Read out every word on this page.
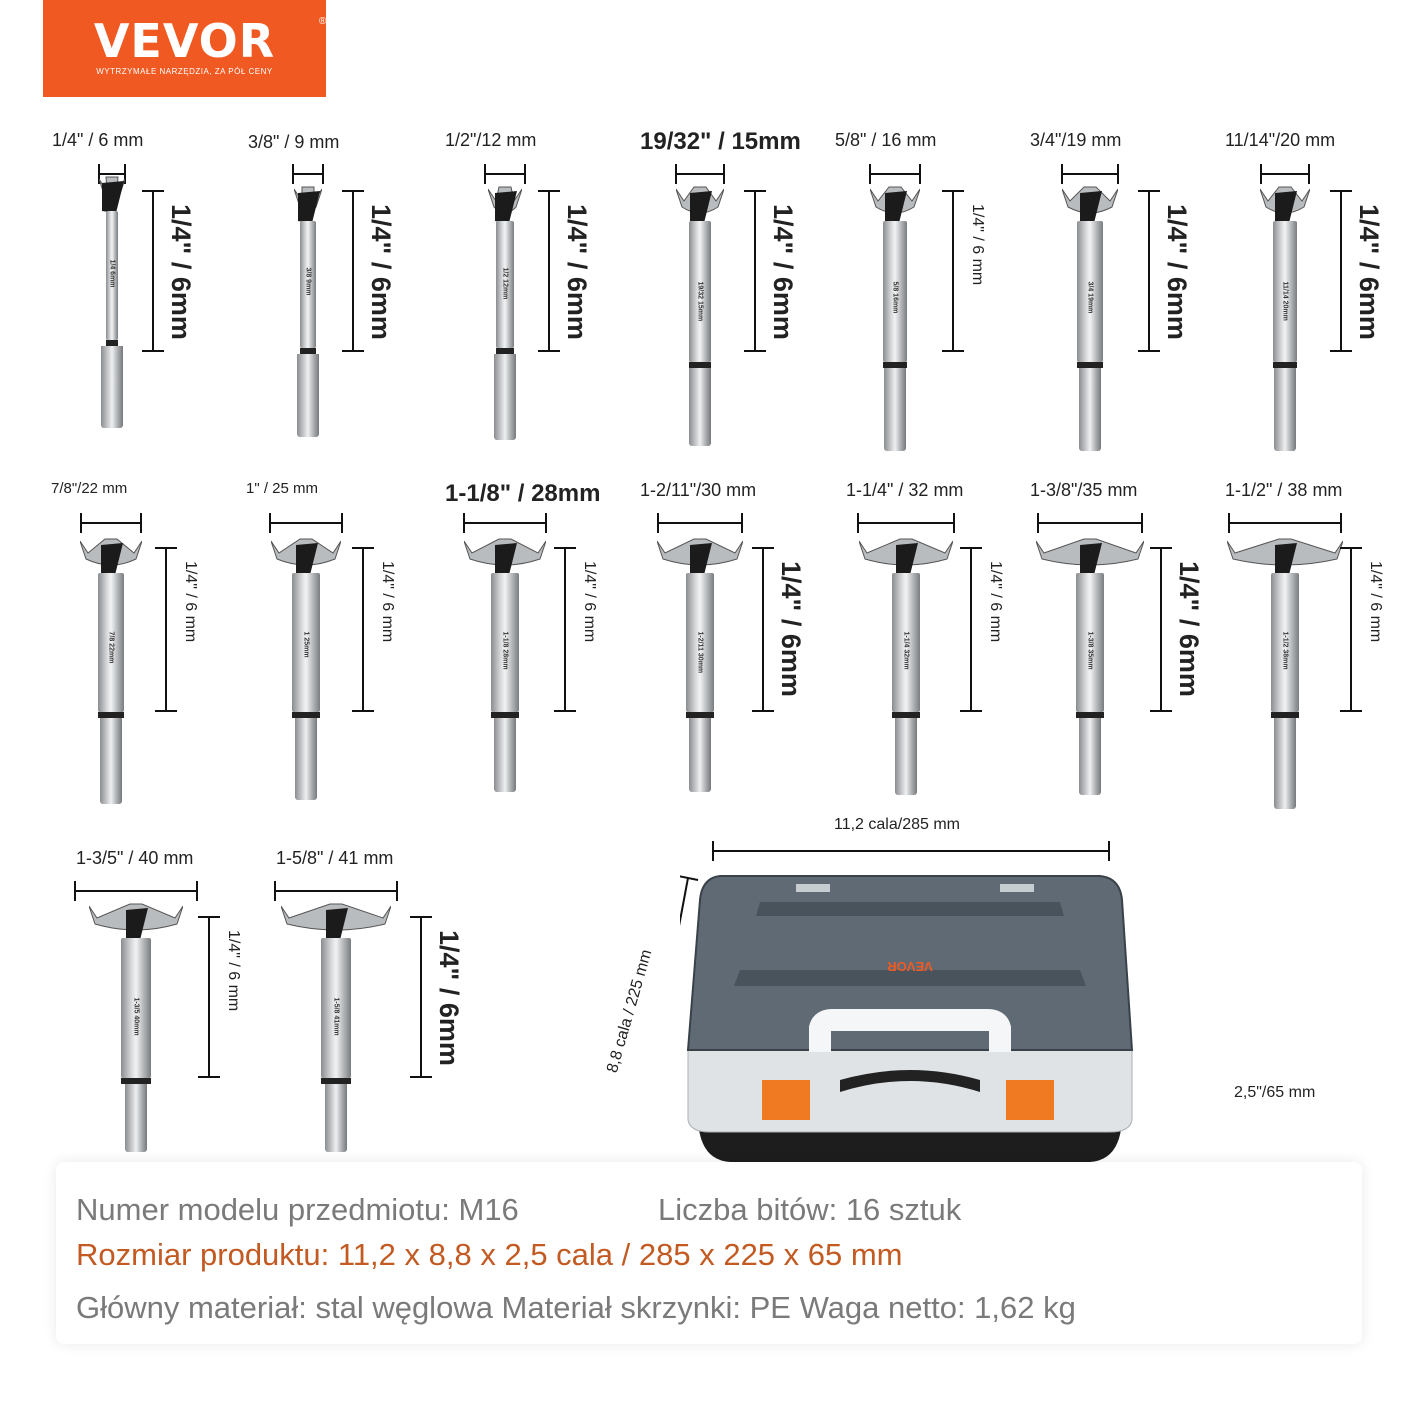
VEVOR	®
WYTRZYMAŁE NARZĘDZIA, ZA PÓŁ CENY
1/4" / 6 mm
1/4 6mm 1/4" / 6mm
3/8" / 9 mm
3/8 9mm 1/4" / 6mm
1/2"/12 mm
1/2 12mm 1/4" / 6mm
19/32" / 15mm
19/32 15mm 1/4" / 6mm
5/8" / 16 mm
5/8 16mm
1/4" / 6 mm
3/4"/19 mm
3/4 19mm	1/4" / 6mm
11/14"/20 mm
11/14 20mm 1/4" / 6mm
7/8"/22 mm
7/8 22mm
1/4" / 6 mm
1" / 25 mm
1 25mm
1/4" / 6 mm
1-1/8" / 28mm
1-1/8 28mm
1/4" / 6 mm
1-2/11"/30 mm
1-2/11 30mm	1/4" / 6mm
1-1/4" / 32 mm
1-1/4 32mm
1/4" / 6 mm
1-3/8"/35 mm
1-3/8 35mm	1/4" / 6mm
1-1/2" / 38 mm
1-1/2 38mm
1/4" / 6 mm
1-3/5" / 40 mm
1-3/5 40mm
1/4" / 6 mm
1-5/8" / 41 mm
1-5/8 41mm	1/4" / 6mm
11,2 cala/285 mm
8,8 cala / 225 mm
2,5"/65 mm
VEVOR
Numer modelu przedmiotu: M16	Liczba bitów: 16 sztuk
Rozmiar produktu: 11,2 x 8,8 x 2,5 cala / 285 x 225 x 65 mm
Główny materiał: stal węglowa Materiał skrzynki: PE Waga netto: 1,62 kg
